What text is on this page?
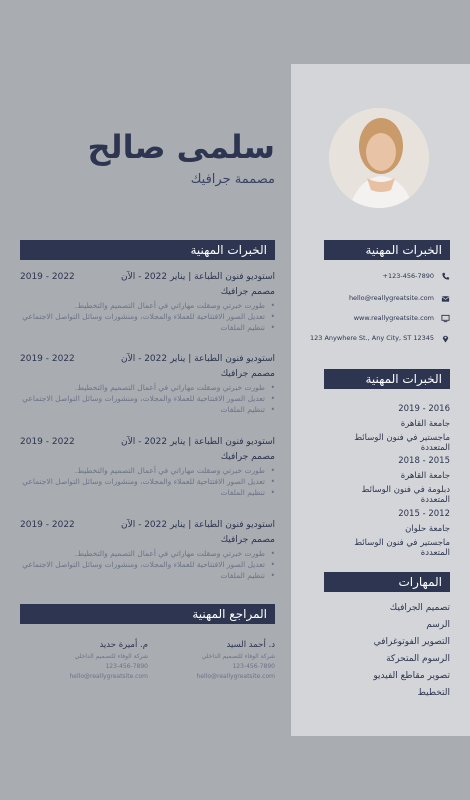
سلمى صالح
مصممة جرافيك
الخبرات المهنية
استوديو فنون الطباعة | يناير 2022 - الآن
مصمم جرافيك
2019 - 2022
• طورت خبرتي وصقلت مهاراتي في أعمال التصميم والتخطيط.
• تعديل الصور الافتتاحية للعملاء والمجلات، ومنشورات وسائل التواصل الاجتماعي
• تنظيم الملفات
استوديو فنون الطباعة | يناير 2022 - الآن
مصمم جرافيك
2019 - 2022
• طورت خبرتي وصقلت مهاراتي في أعمال التصميم والتخطيط.
• تعديل الصور الافتتاحية للعملاء والمجلات، ومنشورات وسائل التواصل الاجتماعي
• تنظيم الملفات
استوديو فنون الطباعة | يناير 2022 - الآن
مصمم جرافيك
2019 - 2022
• طورت خبرتي وصقلت مهاراتي في أعمال التصميم والتخطيط.
• تعديل الصور الافتتاحية للعملاء والمجلات، ومنشورات وسائل التواصل الاجتماعي
• تنظيم الملفات
استوديو فنون الطباعة | يناير 2022 - الآن
مصمم جرافيك
2019 - 2022
• طورت خبرتي وصقلت مهاراتي في أعمال التصميم والتخطيط.
• تعديل الصور الافتتاحية للعملاء والمجلات، ومنشورات وسائل التواصل الاجتماعي
• تنظيم الملفات
المراجع المهنية
د. أحمد السيد
شركة الوفاء للتصميم الداخلي
123-456-7890
hello@reallygreatsite.com
م. أميرة حديد
شركة الوفاء للتصميم الداخلي
123-456-7890
hello@reallygreatsite.com
الخبرات المهنية
+123-456-7890
hello@reallygreatsite.com
www.reallygreatsite.com
123 Anywhere St., Any City, ST 12345
الخبرات المهنية
2016 - 2019
جامعة القاهرة
ماجستير في فنون الوسائط المتعددة
2015 - 2018
جامعة القاهرة
دبلومة في فنون الوسائط المتعددة
2012 - 2015
جامعة حلوان
ماجستير في فنون الوسائط المتعددة
المهارات
تصميم الجرافيك
الرسم
التصوير الفوتوغرافي
الرسوم المتحركة
تصوير مقاطع الفيديو
التخطيط
